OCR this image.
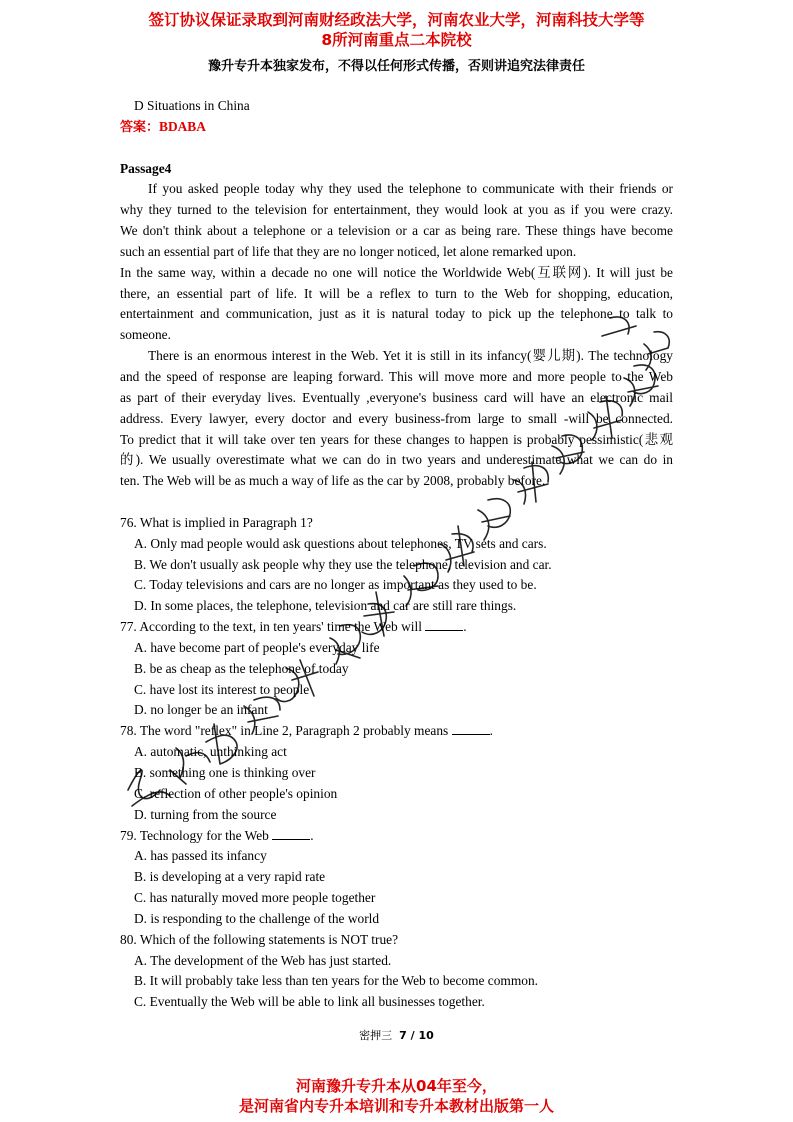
签订协议保证录取到河南财经政法大学，河南农业大学，河南科技大学等
8所河南重点二本院校
豫升专升本独家发布，不得以任何形式传播，否则讲追究法律责任
D Situations in China
答案：BDABA
Passage4
If you asked people today why they used the telephone to communicate with their friends or
why they turned to the television for entertainment, they would look at you as if you were crazy.
We don't think about a telephone or a television or a car as being rare. These things have become
such an essential part of life that they are no longer noticed, let alone remarked upon.
In the same way, within a decade no one will notice the Worldwide Web(互联网). It will just be
there, an essential part of life. It will be a reflex to turn to the Web for shopping, education,
entertainment and communication, just as it is natural today to pick up the telephone to talk to
someone.
There is an enormous interest in the Web. Yet it is still in its infancy(婴儿期). The technology
and the speed of response are leaping forward. This will move more and more people to the Web
as part of their everyday lives. Eventually ,everyone's business card will have an electronic mail
address. Every lawyer, every doctor and every business-from large to small -will be connected.
To predict that it will take over ten years for these changes to happen is probably pessimistic(悲观
的). We usually overestimate what we can do in two years and underestimate what we can do in
ten. The Web will be as much a way of life as the car by 2008, probably before.
76. What is implied in Paragraph 1?
A. Only mad people would ask questions about telephones, TV sets and cars.
B. We don't usually ask people why they use the telephone, television and car.
C. Today televisions and cars are no longer as important as they used to be.
D. In some places, the telephone, television and car are still rare things.
77. According to the text, in ten years' time the Web will	.
A. have become part of people's everyday life
B. be as cheap as the telephone of today
C. have lost its interest to people
D. no longer be an infant
78. The word "reflex" in Line 2, Paragraph 2 probably means	.
A. automatic, unthinking act
B. something one is thinking over
C. reflection of other people's opinion
D. turning from the source
79. Technology for the Web	.
A. has passed its infancy
B. is developing at a very rapid rate
C. has naturally moved more people together
D. is responding to the challenge of the world
80. Which of the following statements is NOT true?
A. The development of the Web has just started.
B. It will probably take less than ten years for the Web to become common.
C. Eventually the Web will be able to link all businesses together.
密押三 7 / 10
河南豫升专升本从04年至今，
是河南省内专升本培训和专升本教材出版第一人
